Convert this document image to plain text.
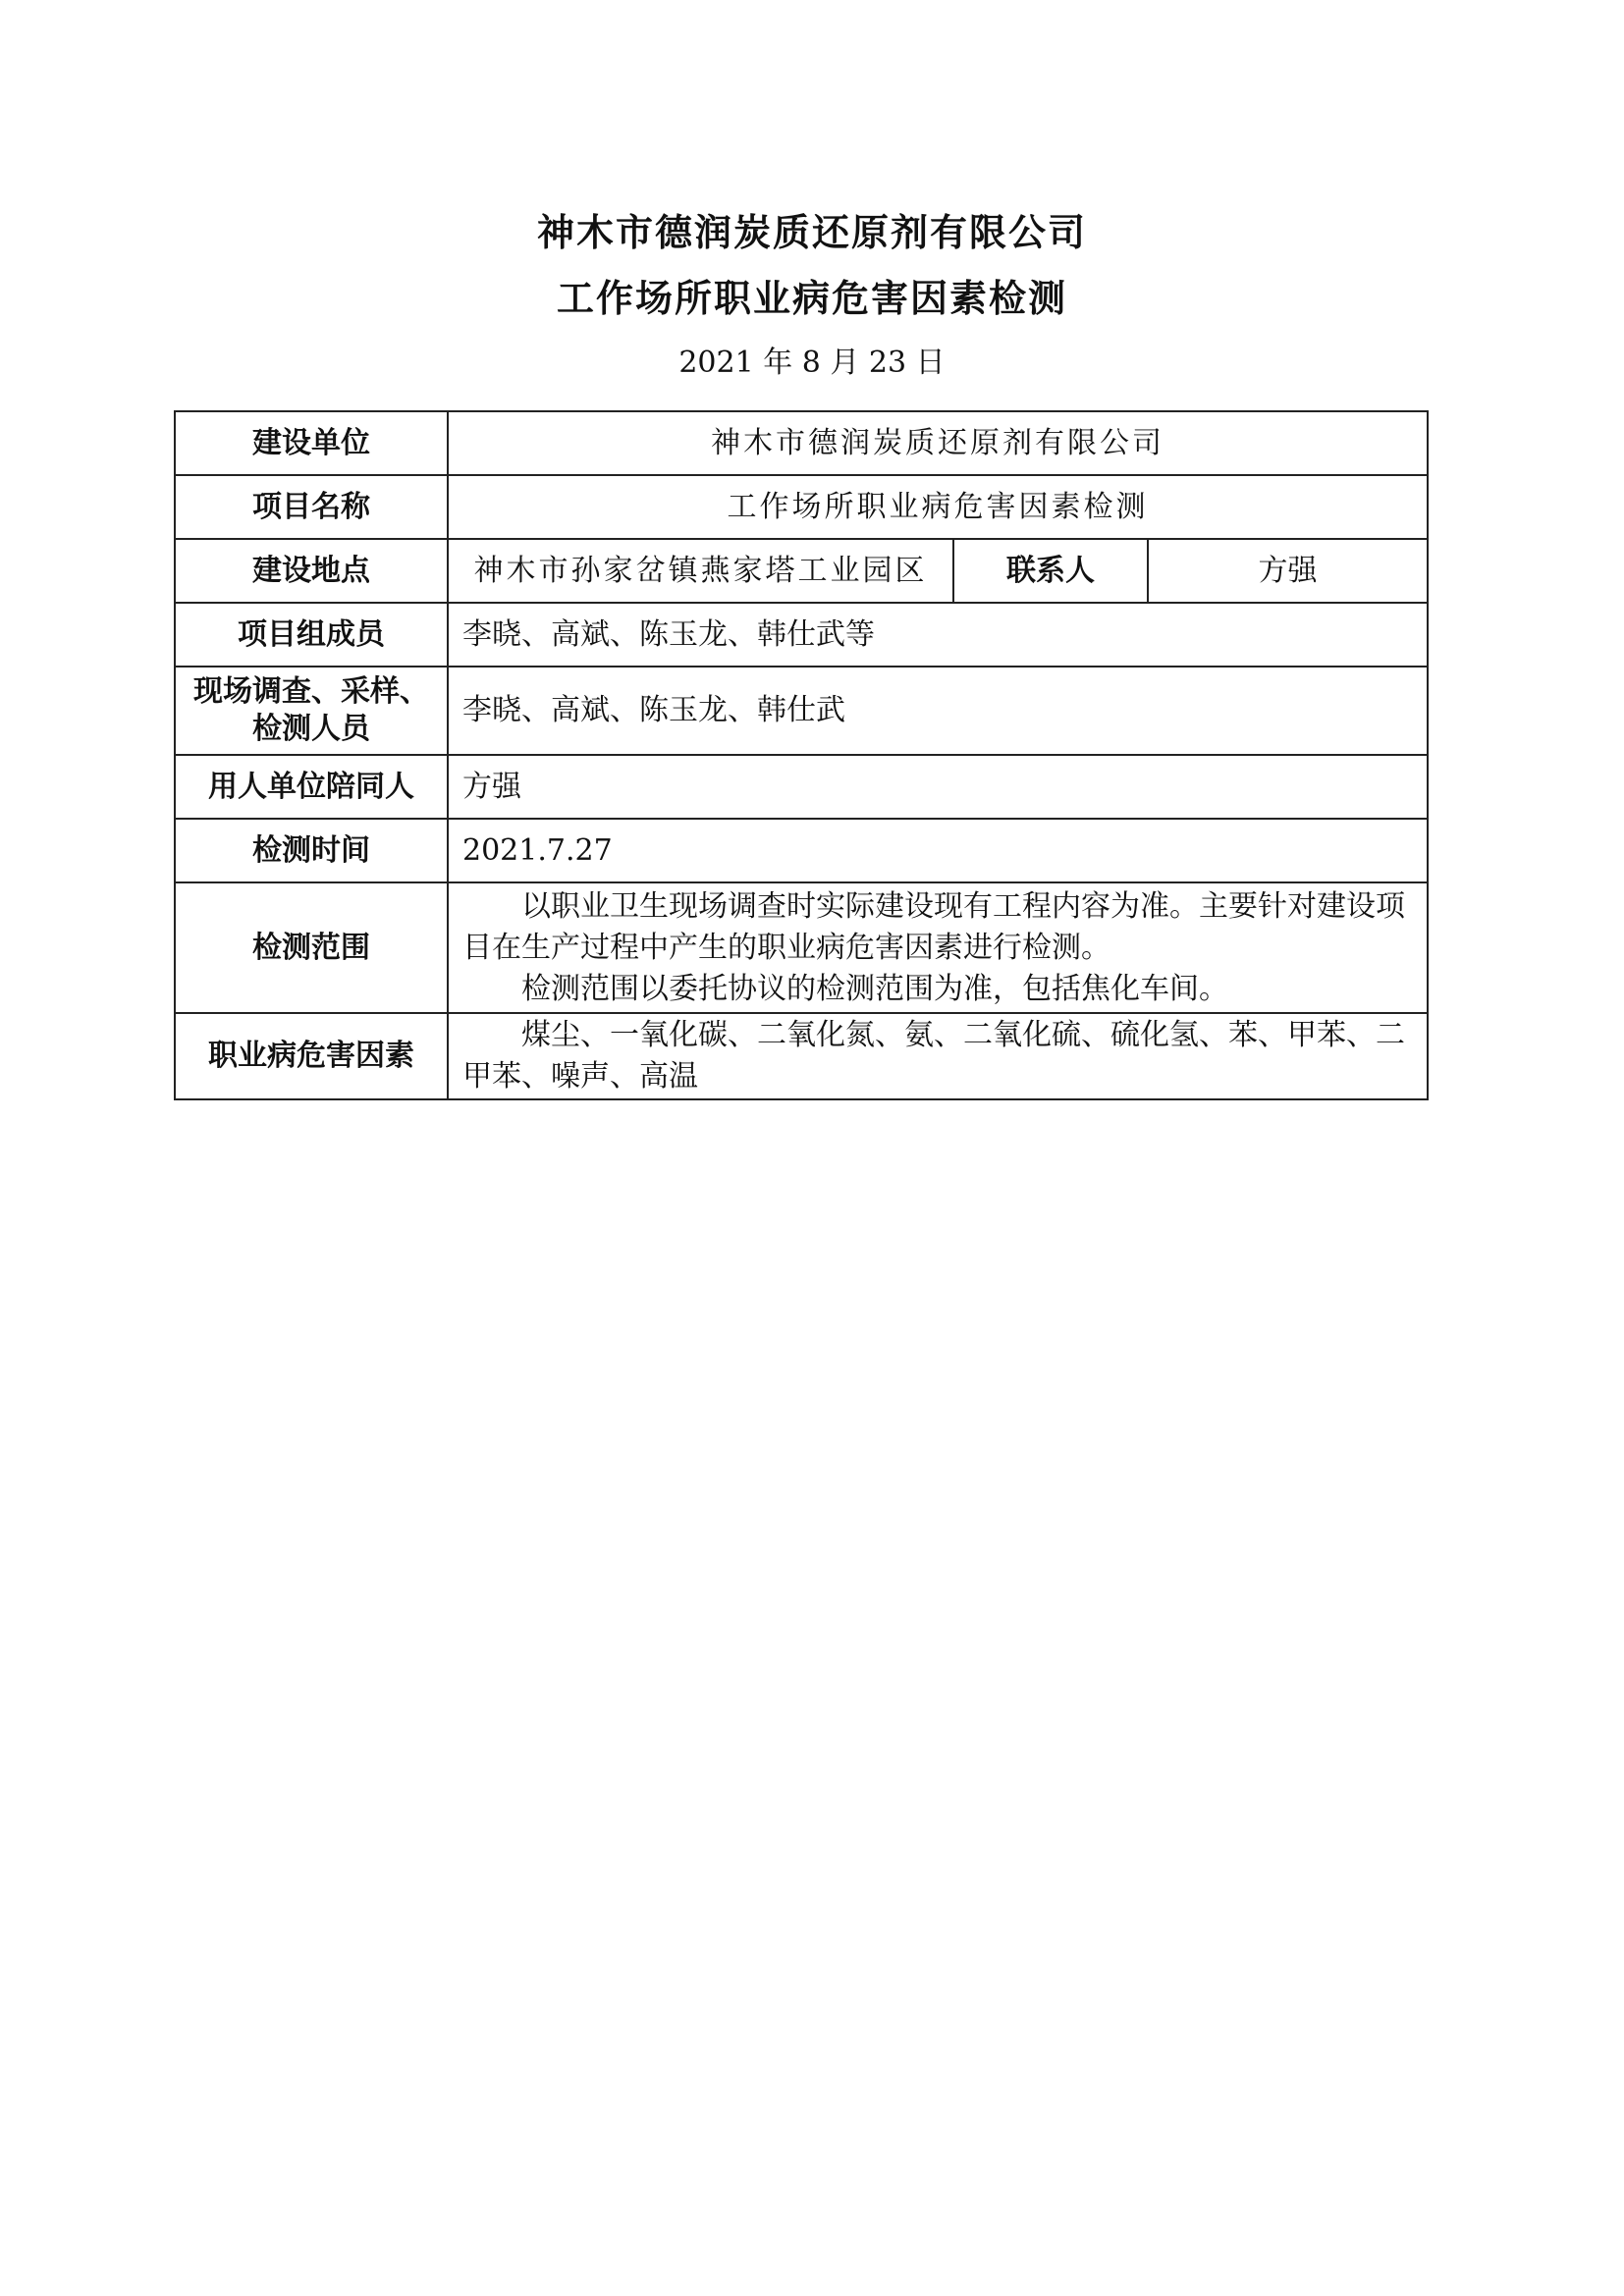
神木市德润炭质还原剂有限公司
工作场所职业病危害因素检测
2021 年 8 月 23 日
建设单位	神木市德润炭质还原剂有限公司		
项目名称	工作场所职业病危害因素检测		
建设地点	神木市孙家岔镇燕家塔工业园区	联系人	方强
项目组成员	李晓、高斌、陈玉龙、韩仕武等		

现场调查、采样、
检测人员	李晓、高斌、陈玉龙、韩仕武		
用人单位陪同人	方强		
检测时间	2021.7.27		
检测范围	以职业卫生现场调查时实际建设现有工程内容为准。主要针对建设项目在生产过程中产生的职业病危害因素进行检测。
检测范围以委托协议的检测范围为准，包括焦化车间。		

职业病危害因素	煤尘、一氧化碳、二氧化氮、氨、二氧化硫、硫化氢、苯、甲苯、二甲苯、噪声、高温		
